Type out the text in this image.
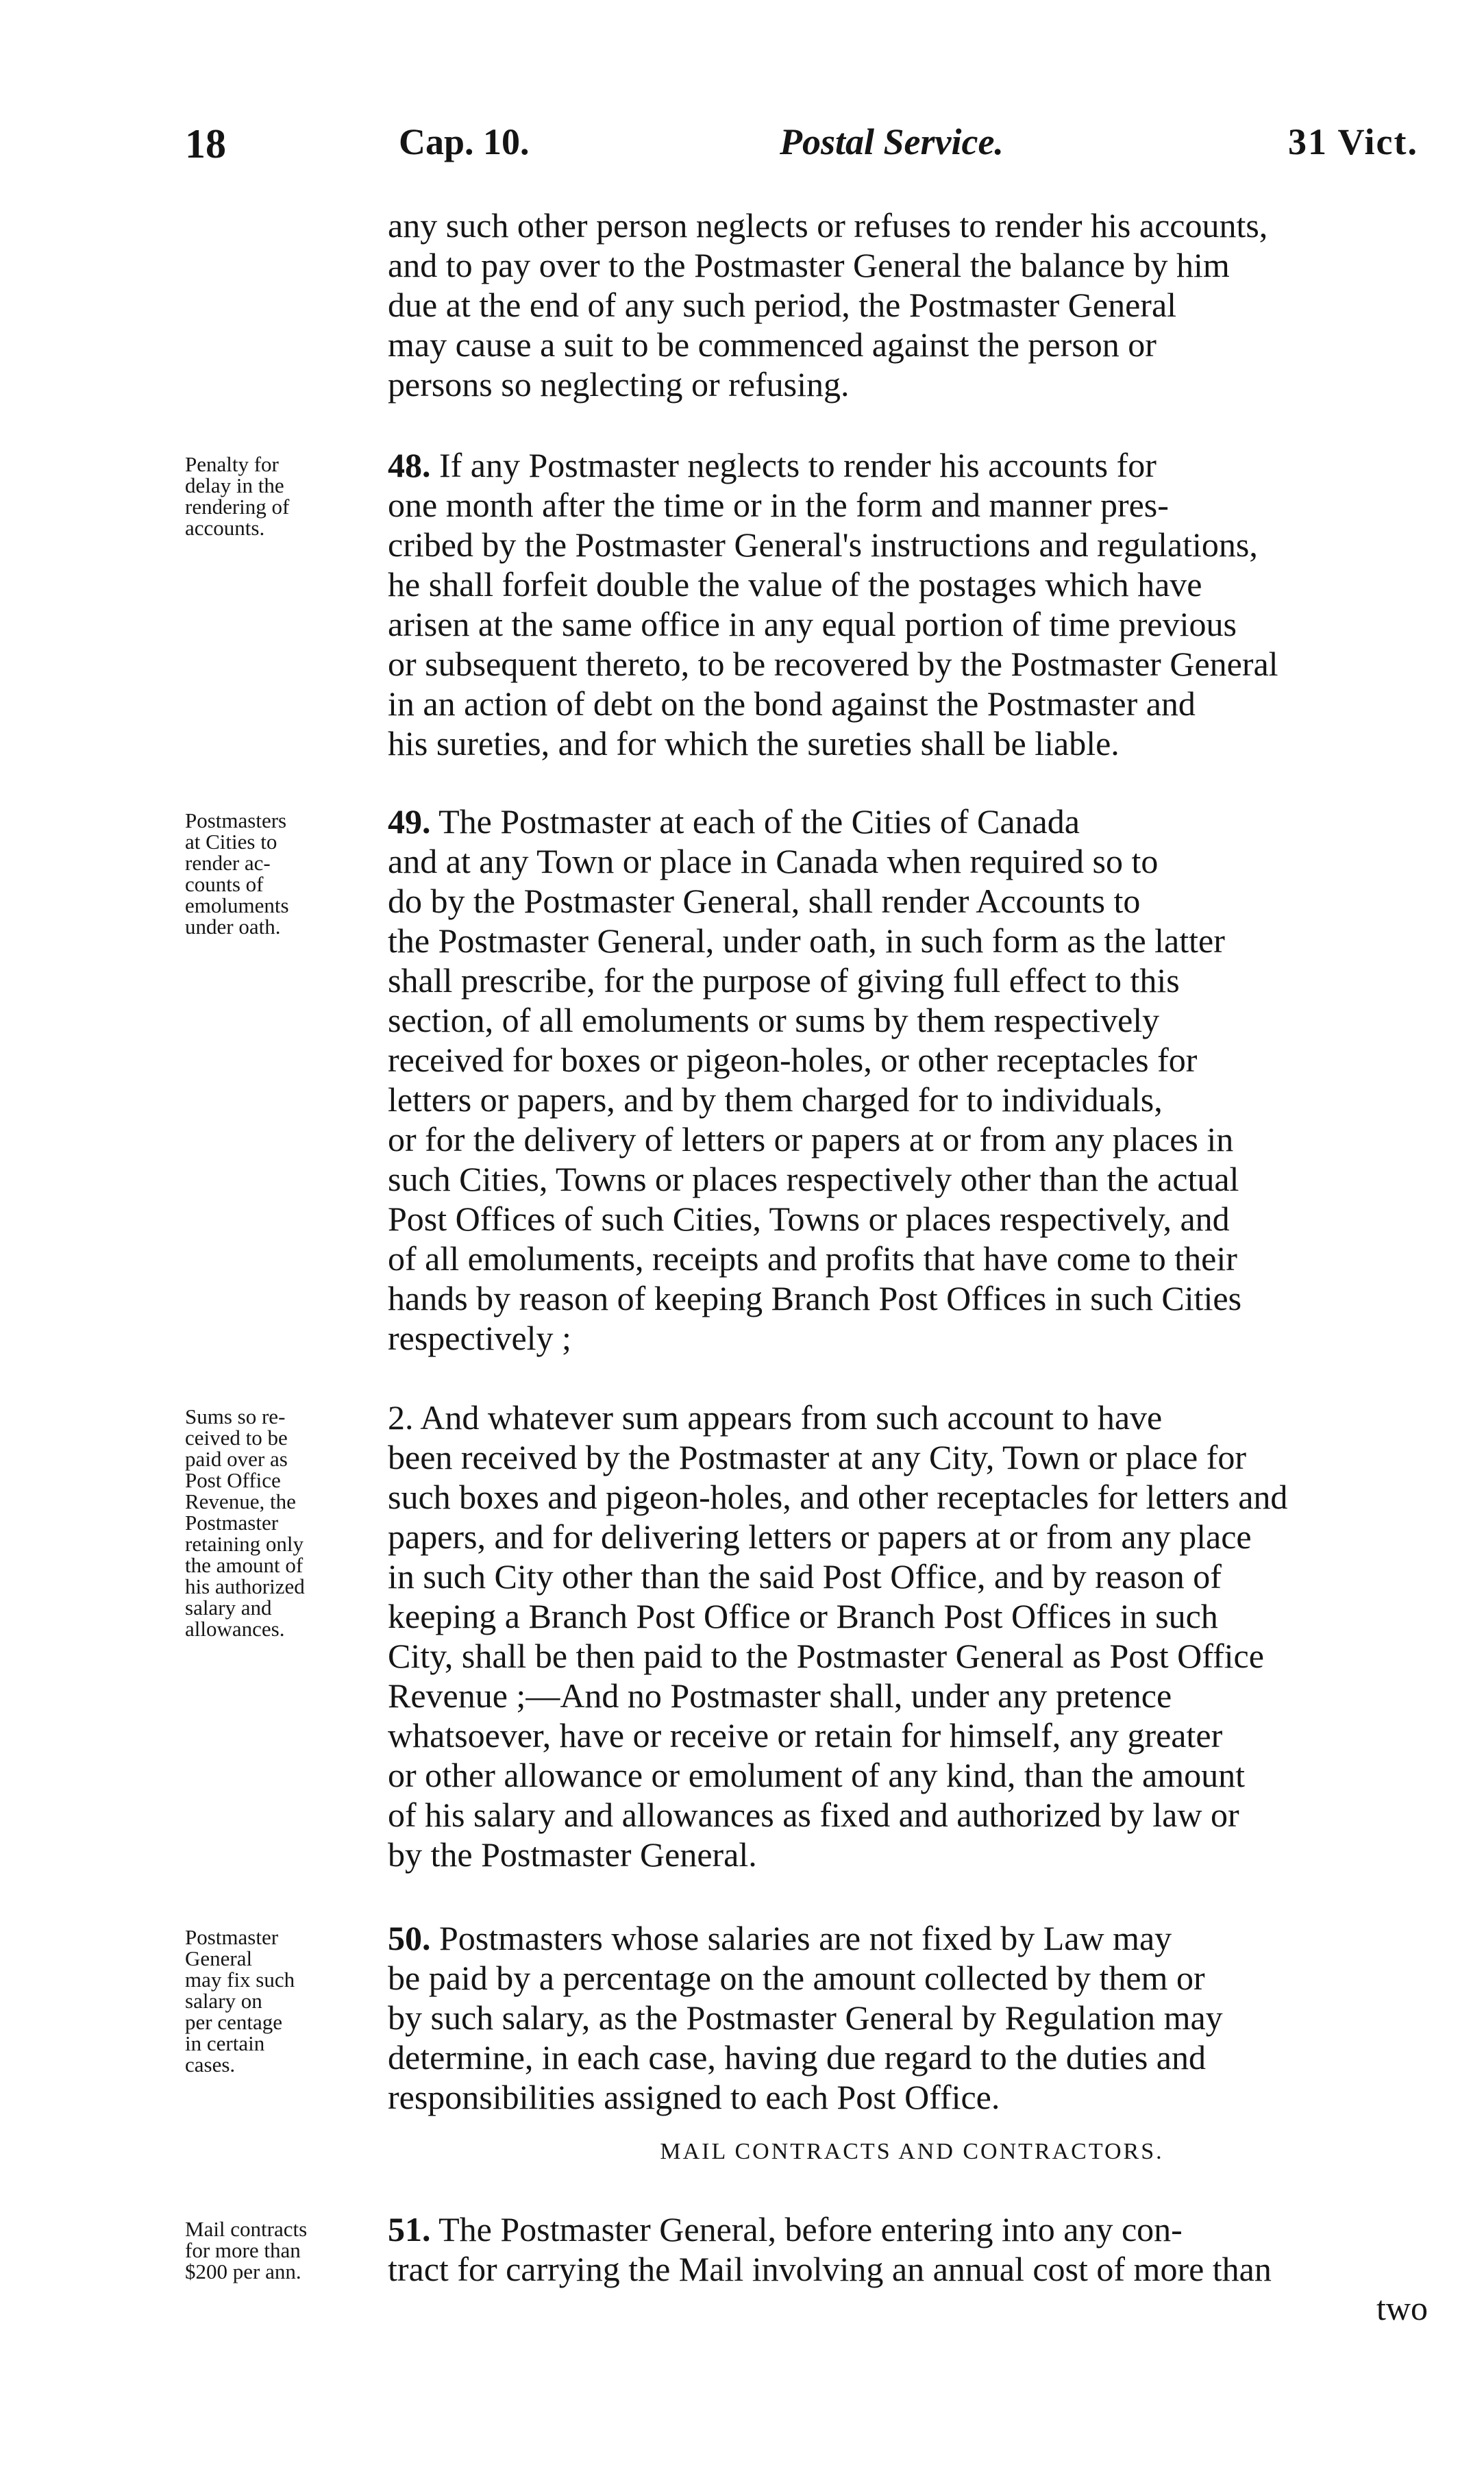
18	Cap. 10.	Postal Service.	31 Vict.
any such other person neglects or refuses to render his accounts,
and to pay over to the Postmaster General the balance by him
due at the end of any such period, the Postmaster General
may cause a suit to be commenced against the person or
persons so neglecting or refusing.
Penalty for
delay in the
rendering of
accounts.
48. If any Postmaster neglects to render his accounts for
one month after the time or in the form and manner pres-
cribed by the Postmaster General's instructions and regulations,
he shall forfeit double the value of the postages which have
arisen at the same office in any equal portion of time previous
or subsequent thereto, to be recovered by the Postmaster General
in an action of debt on the bond against the Postmaster and
his sureties, and for which the sureties shall be liable.
Postmasters
at Cities to
render ac-
counts of
emoluments
under oath.
49. The Postmaster at each of the Cities of Canada
and at any Town or place in Canada when required so to
do by the Postmaster General, shall render Accounts to
the Postmaster General, under oath, in such form as the latter
shall prescribe, for the purpose of giving full effect to this
section, of all emoluments or sums by them respectively
received for boxes or pigeon-holes, or other receptacles for
letters or papers, and by them charged for to individuals,
or for the delivery of letters or papers at or from any places in
such Cities, Towns or places respectively other than the actual
Post Offices of such Cities, Towns or places respectively, and
of all emoluments, receipts and profits that have come to their
hands by reason of keeping Branch Post Offices in such Cities
respectively ;
Sums so re-
ceived to be
paid over as
Post Office
Revenue, the
Postmaster
retaining only
the amount of
his authorized
salary and
allowances.
2. And whatever sum appears from such account to have
been received by the Postmaster at any City, Town or place for
such boxes and pigeon-holes, and other receptacles for letters and
papers, and for delivering letters or papers at or from any place
in such City other than the said Post Office, and by reason of
keeping a Branch Post Office or Branch Post Offices in such
City, shall be then paid to the Postmaster General as Post Office
Revenue ;—And no Postmaster shall, under any pretence
whatsoever, have or receive or retain for himself, any greater
or other allowance or emolument of any kind, than the amount
of his salary and allowances as fixed and authorized by law or
by the Postmaster General.
Postmaster
General
may fix such
salary on
per centage
in certain
cases.
50. Postmasters whose salaries are not fixed by Law may
be paid by a percentage on the amount collected by them or
by such salary, as the Postmaster General by Regulation may
determine, in each case, having due regard to the duties and
responsibilities assigned to each Post Office.
MAIL CONTRACTS AND CONTRACTORS.
Mail contracts
for more than
$200 per ann.
51. The Postmaster General, before entering into any con-
tract for carrying the Mail involving an annual cost of more than
two
